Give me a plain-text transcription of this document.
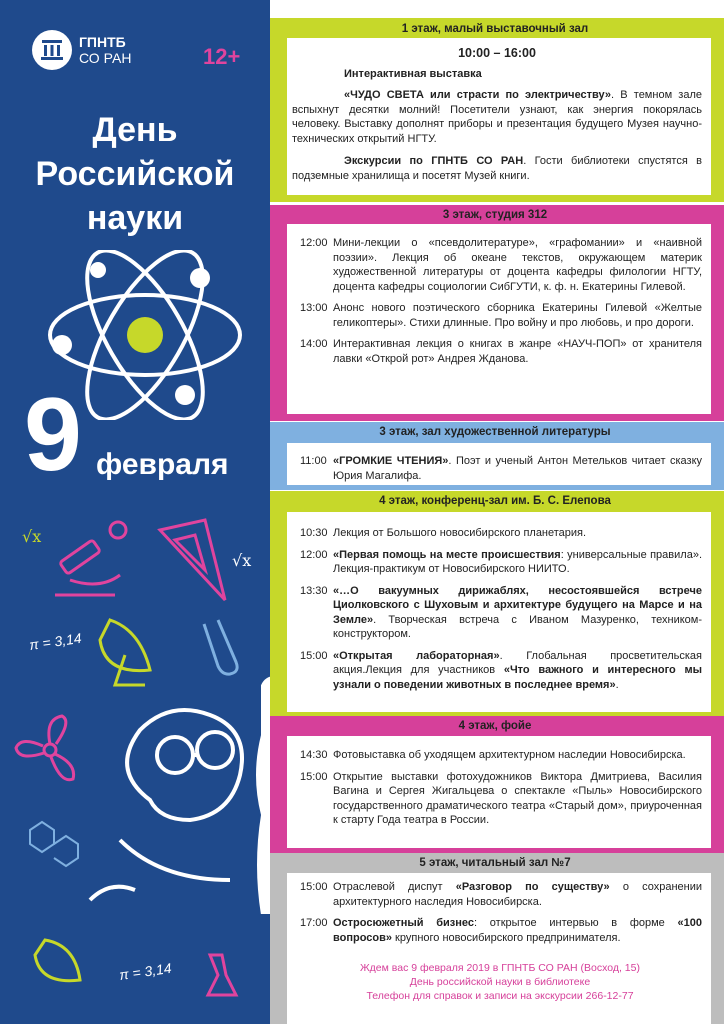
ГПНТБ
СО РАН
День
Российской
науки
9 февраля
√x
√x
π = 3,14
π = 3,14
12+
1 этаж, малый выставочный зал
10:00 – 16:00

Интерактивная выставка

«ЧУДО СВЕТА или страсти по электричеству». В темном зале вспыхнут десятки молний! Посетители узнают, как энергия покорялась человеку. Выставку дополнят приборы и презентация будущего Музея научно-технических открытий НГТУ.

Экскурсии по ГПНТБ СО РАН. Гости библиотеки спустятся в подземные хранилища и посетят Музей книги.

3 этаж, студия 312
12:00 Мини-лекции о «псевдолитературе», «графомании» и «наивной поэзии». Лекция об океане текстов, окружающем материк художественной литературы от доцента кафедры филологии НГТУ, доцента кафедры социологии СибГУТИ, к. ф. н. Екатерины Гилевой.
13:00 Анонс нового поэтического сборника Екатерины Гилевой «Желтые геликоптеры». Стихи длинные. Про войну и про любовь, и про дороги.
14:00 Интерактивная лекция о книгах в жанре «НАУЧ-ПОП» от хранителя лавки «Открой рот» Андрея Жданова.
3 этаж, зал художественной литературы
11:00 «ГРОМКИЕ ЧТЕНИЯ». Поэт и ученый Антон Метельков читает сказку Юрия Магалифа.
4 этаж, конференц-зал им. Б. С. Елепова
10:30 Лекция от Большого новосибирского планетария.
12:00 «Первая помощь на месте происшествия: универсальные правила». Лекция-практикум от Новосибирского НИИТО.
13:30 «…О вакуумных дирижаблях, несостоявшейся встрече Циолковского с Шуховым и архитектуре будущего на Марсе и на Земле». Творческая встреча с Иваном Мазуренко, техником-конструктором.
15:00 «Открытая лабораторная». Глобальная просветительская акция.Лекция для участников «Что важного и интересного мы узнали о поведении животных в последнее время».
4 этаж, фойе
14:30 Фотовыставка об уходящем архитектурном наследии Новосибирска.
15:00 Открытие выставки фотохудожников Виктора Дмитриева, Василия Вагина и Сергея Жигальцева о спектакле «Пыль» Новосибирского государственного драматического театра «Старый дом», приуроченная к старту Года театра в России.
5 этаж, читальный зал №7
15:00 Отраслевой диспут «Разговор по существу» о сохранении архитектурного наследия Новосибирска.
17:00 Остросюжетный бизнес: открытое интервью в форме «100 вопросов» крупного новосибирского предпринимателя.
Ждем вас 9 февраля 2019 в ГПНТБ СО РАН (Восход, 15)
День российской науки в библиотеке
Телефон для справок и записи на экскурсии 266-12-77
